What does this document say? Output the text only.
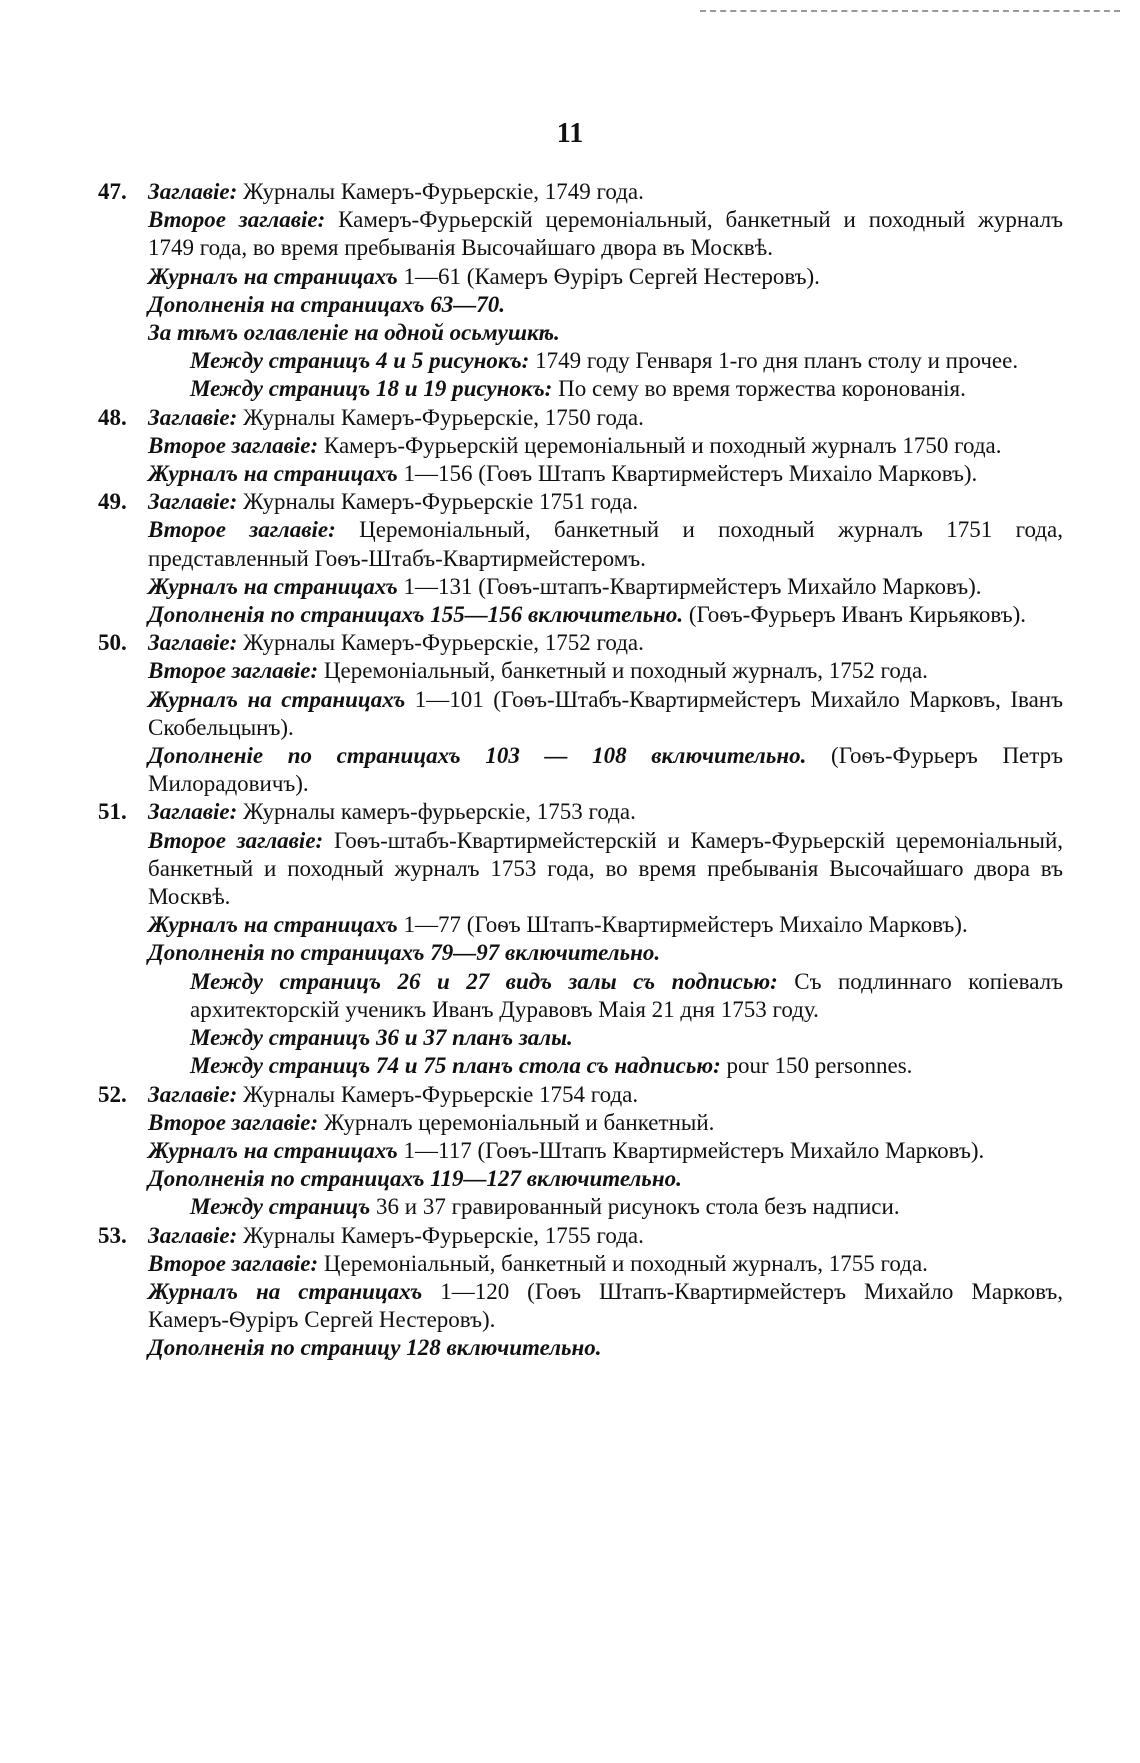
11
47. Заглавіе: Журналы Камеръ-Фурьерскіе, 1749 года.
Второе заглавіе: Камеръ-Фурьерскій церемоніальный, банкетный и походный журналъ 1749 года, во время пребыванія Высочайшаго двора въ Москвѣ.
Журналъ на страницахъ 1—61 (Камеръ Ѳуріръ Сергей Нестеровъ).
Дополненія на страницахъ 63—70.
За тѣмъ оглавленіе на одной осьмушкѣ.
Между страницъ 4 и 5 рисунокъ: 1749 году Генваря 1-го дня планъ столу и прочее.
Между страницъ 18 и 19 рисунокъ: По сему во время торжества коронованія.
48. Заглавіе: Журналы Камеръ-Фурьерскіе, 1750 года.
Второе заглавіе: Камеръ-Фурьерскій церемоніальный и походный журналъ 1750 года.
Журналъ на страницахъ 1—156 (Гоѳъ Штапъ Квартирмейстеръ Михаіло Марковъ).
49. Заглавіе: Журналы Камеръ-Фурьерскіе 1751 года.
Второе заглавіе: Церемоніальный, банкетный и походный журналъ 1751 года, представленный Гоѳъ-Штабъ-Квартирмейстеромъ.
Журналъ на страницахъ 1—131 (Гоѳъ-штапъ-Квартирмейстеръ Михайло Марковъ).
Дополненія по страницахъ 155—156 включительно. (Гоѳъ-Фурьеръ Иванъ Кирьяковъ).
50. Заглавіе: Журналы Камеръ-Фурьерскіе, 1752 года.
Второе заглавіе: Церемоніальный, банкетный и походный журналъ, 1752 года.
Журналъ на страницахъ 1—101 (Гоѳъ-Штабъ-Квартирмейстеръ Михайло Марковъ, Іванъ Скобельцынъ).
Дополненіе по страницахъ 103 — 108 включительно. (Гоѳъ-Фурьеръ Петръ Милорадовичъ).
51. Заглавіе: Журналы камеръ-фурьерскіе, 1753 года.
Второе заглавіе: Гоѳъ-штабъ-Квартирмейстерскій и Камеръ-Фурьерскій церемоніальный, банкетный и походный журналъ 1753 года, во время пребыванія Высочайшаго двора въ Москвѣ.
Журналъ на страницахъ 1—77 (Гоѳъ Штапъ-Квартирмейстеръ Михаіло Марковъ).
Дополненія по страницахъ 79—97 включительно.
Между страницъ 26 и 27 видъ залы съ подписью: Съ подлиннаго копіевалъ архитекторскій ученикъ Иванъ Дуравовъ Маія 21 дня 1753 году.
Между страницъ 36 и 37 планъ залы.
Между страницъ 74 и 75 планъ стола съ надписью: pour 150 personnes.
52. Заглавіе: Журналы Камеръ-Фурьерскіе 1754 года.
Второе заглавіе: Журналъ церемоніальный и банкетный.
Журналъ на страницахъ 1—117 (Гоѳъ-Штапъ Квартирмейстеръ Михайло Марковъ).
Дополненія по страницахъ 119—127 включительно.
Между страницъ 36 и 37 гравированный рисунокъ стола безъ надписи.
53. Заглавіе: Журналы Камеръ-Фурьерскіе, 1755 года.
Второе заглавіе: Церемоніальный, банкетный и походный журналъ, 1755 года.
Журналъ на страницахъ 1—120 (Гоѳъ Штапъ-Квартирмейстеръ Михайло Марковъ, Камеръ-Ѳуріръ Сергей Нестеровъ).
Дополненія по страницу 128 включительно.
